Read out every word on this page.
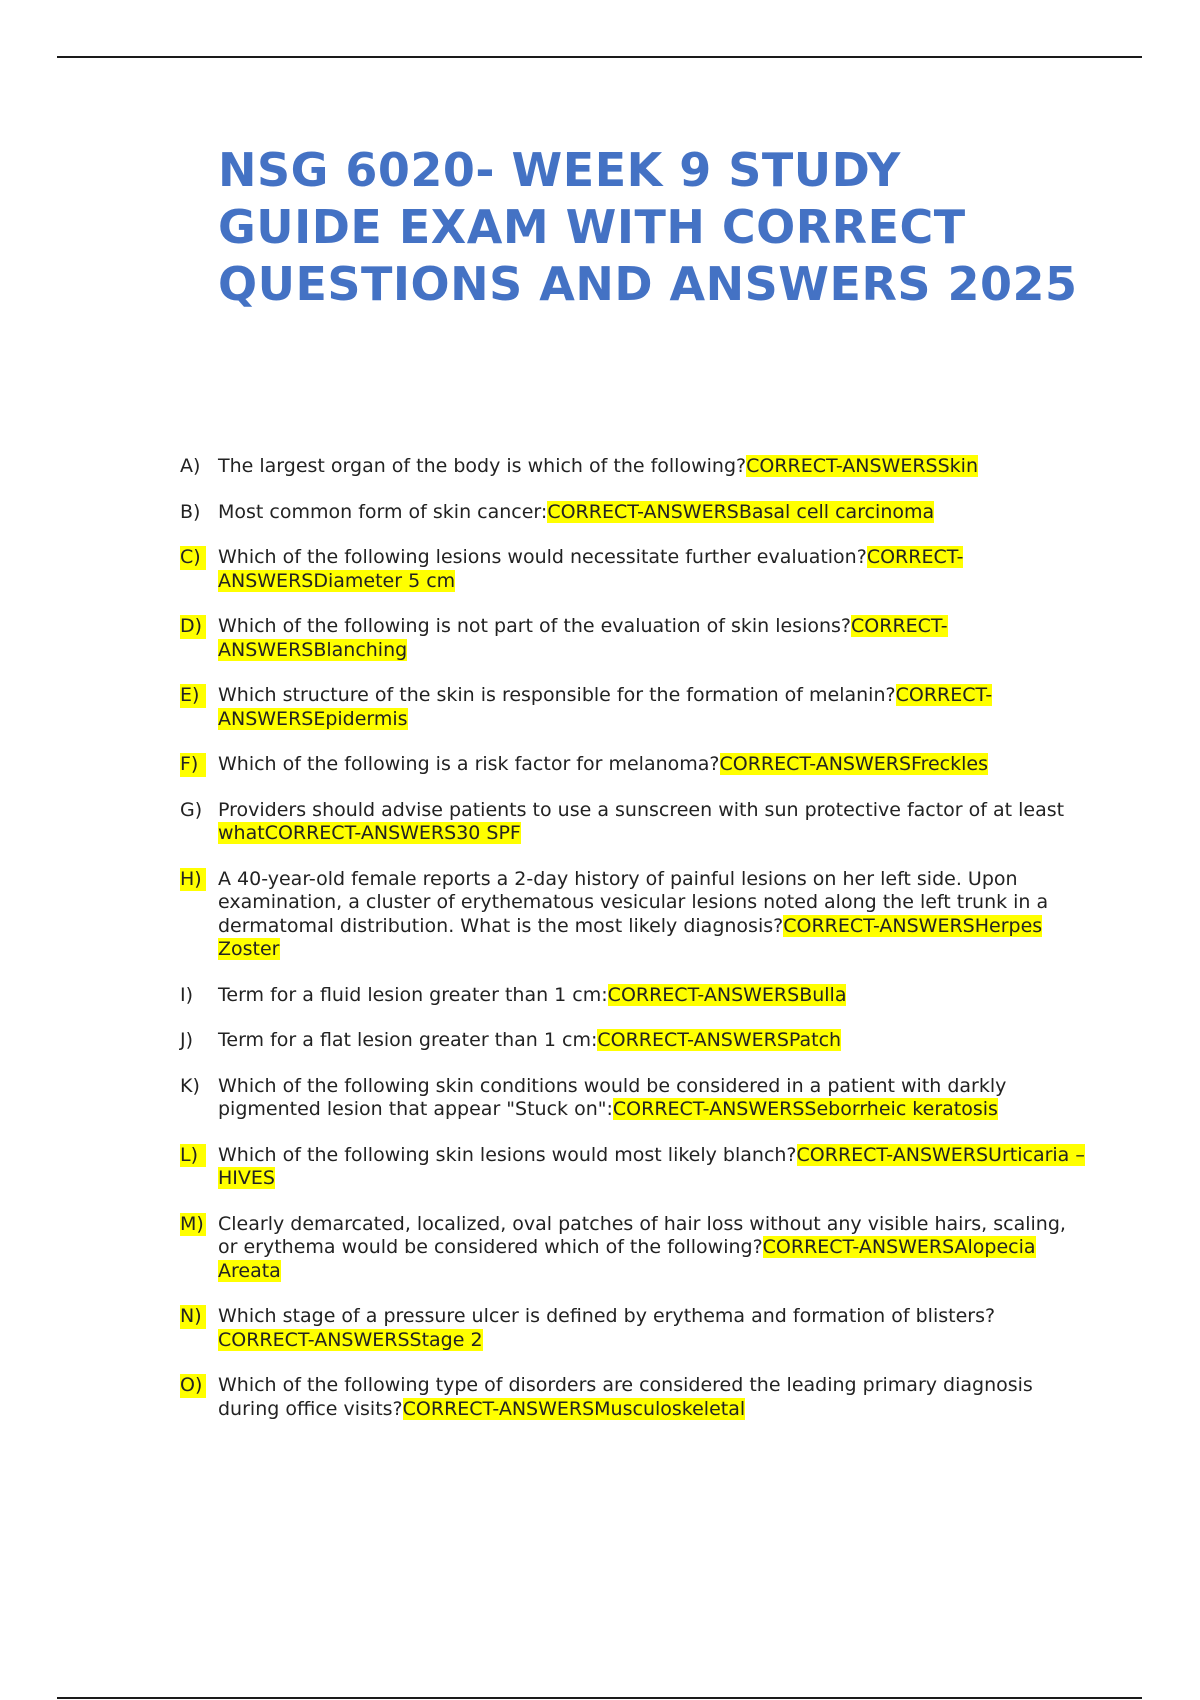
NSG 6020- WEEK 9 STUDY GUIDE EXAM WITH CORRECT QUESTIONS AND ANSWERS 2025
A) The largest organ of the body is which of the following?CORRECT-ANSWERSSkin
B) Most common form of skin cancer:CORRECT-ANSWERSBasal cell carcinoma
C) Which of the following lesions would necessitate further evaluation?CORRECT-ANSWERSDiameter 5 cm
D) Which of the following is not part of the evaluation of skin lesions?CORRECT-ANSWERSBlanching
E) Which structure of the skin is responsible for the formation of melanin?CORRECT-ANSWERSEpidermis
F)	Which of the following is a risk factor for melanoma?CORRECT-ANSWERSFreckles
G) Providers should advise patients to use a sunscreen with sun protective factor of at least whatCORRECT-ANSWERS30 SPF
H) A 40-year-old female reports a 2-day history of painful lesions on her left side. Upon examination, a cluster of erythematous vesicular lesions noted along the left trunk in a dermatomal distribution. What is the most likely diagnosis?CORRECT-ANSWERSHerpes Zoster
I)	Term for a fluid lesion greater than 1 cm:CORRECT-ANSWERSBulla
J)	Term for a flat lesion greater than 1 cm:CORRECT-ANSWERSPatch
K) Which of the following skin conditions would be considered in a patient with darkly pigmented lesion that appear "Stuck on":CORRECT-ANSWERSSeborrheic keratosis
L)	Which of the following skin lesions would most likely blanch?CORRECT-ANSWERSUrticaria – HIVES
M) Clearly demarcated, localized, oval patches of hair loss without any visible hairs, scaling, or erythema would be considered which of the following?CORRECT-ANSWERSAlopecia Areata
N) Which stage of a pressure ulcer is defined by erythema and formation of blisters?CORRECT-ANSWERSStage 2
O) Which of the following type of disorders are considered the leading primary diagnosis during office visits?CORRECT-ANSWERSMusculoskeletal
